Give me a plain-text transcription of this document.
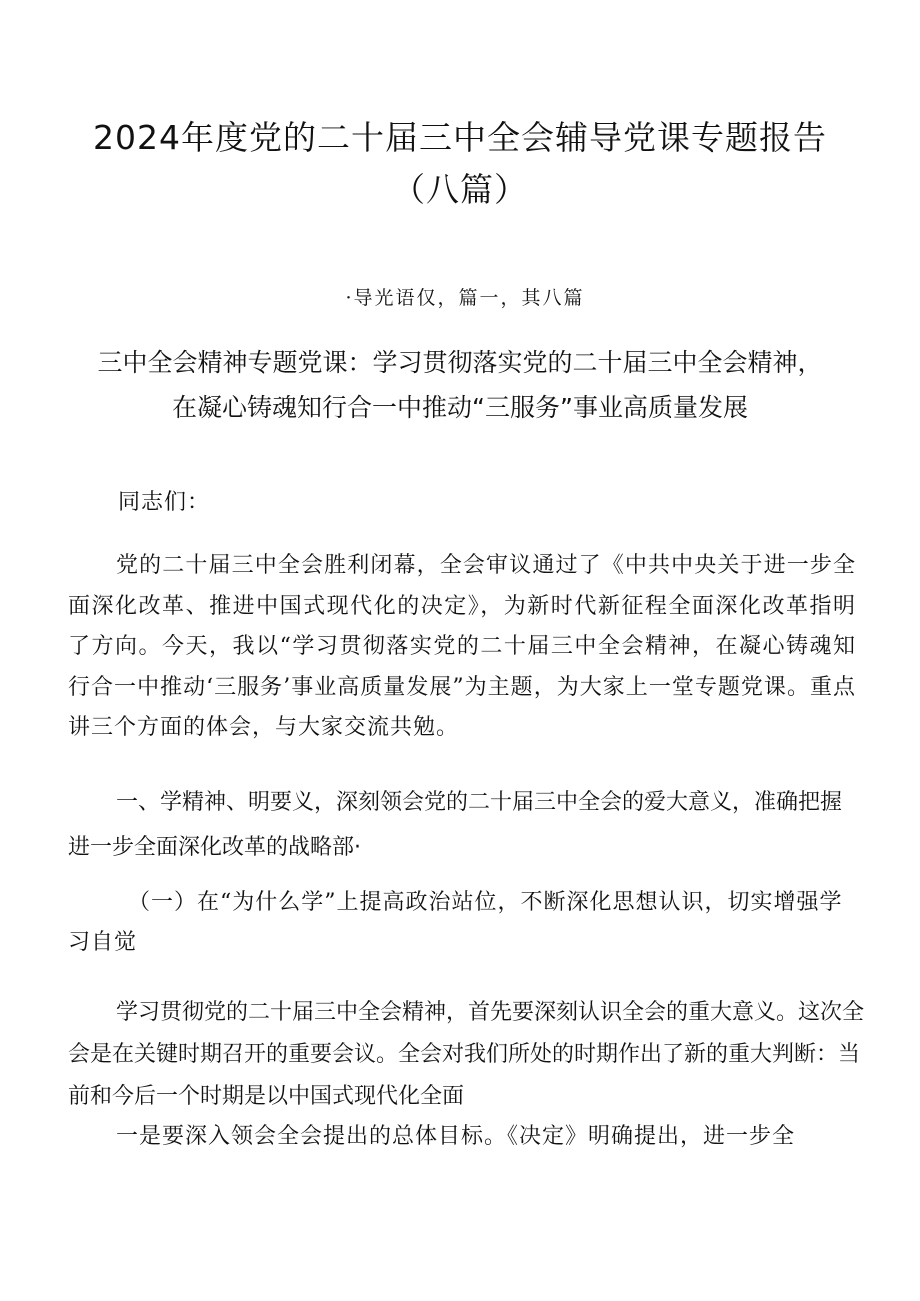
2024年度党的二十届三中全会辅导党课专题报告（八篇）
·导光语仅，篇一，其八篇
三中全会精神专题党课：学习贯彻落实党的二十届三中全会精神，在凝心铸魂知行合一中推动“三服务”事业高质量发展

同志们：

党的二十届三中全会胜利闭幕，全会审议通过了《中共中央关于进一步全面深化改革、推进中国式现代化的决定》，为新时代新征程全面深化改革指明了方向。今天，我以“学习贯彻落实党的二十届三中全会精神，在凝心铸魂知行合一中推动‘三服务’事业高质量发展”为主题，为大家上一堂专题党课。重点讲三个方面的体会，与大家交流共勉。

一、学精神、明要义，深刻领会党的二十届三中全会的爱大意义，准确把握进一步全面深化改革的战略部·

（一）在“为什么学”上提高政治站位，不断深化思想认识，切实增强学习自觉

学习贯彻党的二十届三中全会精神，首先要深刻认识全会的重大意义。这次全会是在关键时期召开的重要会议。全会对我们所处的时期作出了新的重大判断：当前和今后一个时期是以中国式现代化全面

一是要深入领会全会提出的总体目标。《决定》明确提出，进一步全
